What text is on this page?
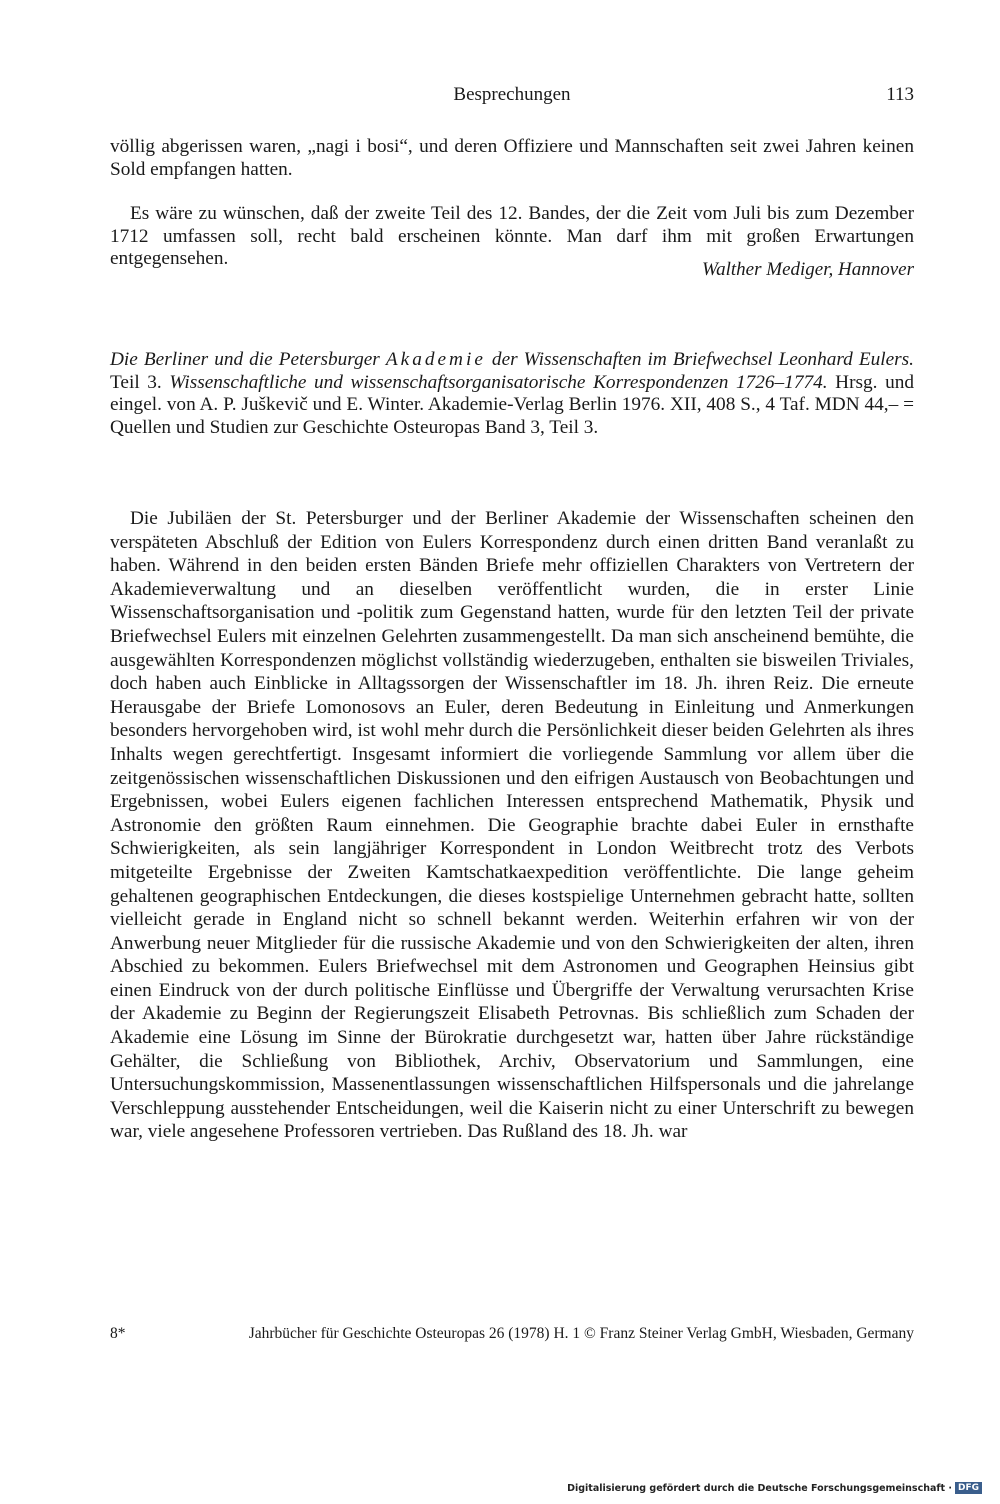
Besprechungen	113

völlig abgerissen waren, „nagi i bosi“, und deren Offiziere und Mannschaften seit zwei Jahren keinen Sold empfangen hatten.

Es wäre zu wünschen, daß der zweite Teil des 12. Bandes, der die Zeit vom Juli bis zum Dezember 1712 umfassen soll, recht bald erscheinen könnte. Man darf ihm mit großen Erwartungen entgegensehen.

Walther Mediger, Hannover

Die Berliner und die Petersburger Akademie der Wissenschaften im Briefwechsel Leonhard Eulers. Teil 3. Wissenschaftliche und wissenschaftsorganisatorische Korrespondenzen 1726–1774. Hrsg. und eingel. von A. P. Juškevič und E. Winter. Akademie-Verlag Berlin 1976. XII, 408 S., 4 Taf. MDN 44,– = Quellen und Studien zur Geschichte Osteuropas Band 3, Teil 3.

Die Jubiläen der St. Petersburger und der Berliner Akademie der Wissenschaften scheinen den verspäteten Abschluß der Edition von Eulers Korrespondenz durch einen dritten Band veranlaßt zu haben. Während in den beiden ersten Bänden Briefe mehr offiziellen Charakters von Vertretern der Akademieverwaltung und an dieselben veröffentlicht wurden, die in erster Linie Wissenschaftsorganisation und -politik zum Gegenstand hatten, wurde für den letzten Teil der private Briefwechsel Eulers mit einzelnen Gelehrten zusammengestellt. Da man sich anscheinend bemühte, die ausgewählten Korrespondenzen möglichst vollständig wiederzugeben, enthalten sie bisweilen Triviales, doch haben auch Einblicke in Alltagssorgen der Wissenschaftler im 18. Jh. ihren Reiz. Die erneute Herausgabe der Briefe Lomonosovs an Euler, deren Bedeutung in Einleitung und Anmerkungen besonders hervorgehoben wird, ist wohl mehr durch die Persönlichkeit dieser beiden Gelehrten als ihres Inhalts wegen gerechtfertigt. Insgesamt informiert die vorliegende Sammlung vor allem über die zeitgenössischen wissenschaftlichen Diskussionen und den eifrigen Austausch von Beobachtungen und Ergebnissen, wobei Eulers eigenen fachlichen Interessen entsprechend Mathematik, Physik und Astronomie den größten Raum einnehmen. Die Geographie brachte dabei Euler in ernsthafte Schwierigkeiten, als sein langjähriger Korrespondent in London Weitbrecht trotz des Verbots mitgeteilte Ergebnisse der Zweiten Kamtschatkaexpedition veröffentlichte. Die lange geheim gehaltenen geographischen Entdeckungen, die dieses kostspielige Unternehmen gebracht hatte, sollten vielleicht gerade in England nicht so schnell bekannt werden. Weiterhin erfahren wir von der Anwerbung neuer Mitglieder für die russische Akademie und von den Schwierigkeiten der alten, ihren Abschied zu bekommen. Eulers Briefwechsel mit dem Astronomen und Geographen Heinsius gibt einen Eindruck von der durch politische Einflüsse und Übergriffe der Verwaltung verursachten Krise der Akademie zu Beginn der Regierungszeit Elisabeth Petrovnas. Bis schließlich zum Schaden der Akademie eine Lösung im Sinne der Bürokratie durchgesetzt war, hatten über Jahre rückständige Gehälter, die Schließung von Bibliothek, Archiv, Observatorium und Sammlungen, eine Untersuchungskommission, Massenentlassungen wissenschaftlichen Hilfspersonals und die jahrelange Verschleppung ausstehender Entscheidungen, weil die Kaiserin nicht zu einer Unterschrift zu bewegen war, viele angesehene Professoren vertrieben. Das Rußland des 18. Jh. war

8*	Jahrbücher für Geschichte Osteuropas 26 (1978) H. 1 © Franz Steiner Verlag GmbH, Wiesbaden, Germany
Digitalisierung gefördert durch die Deutsche Forschungsgemeinschaft · DFG
